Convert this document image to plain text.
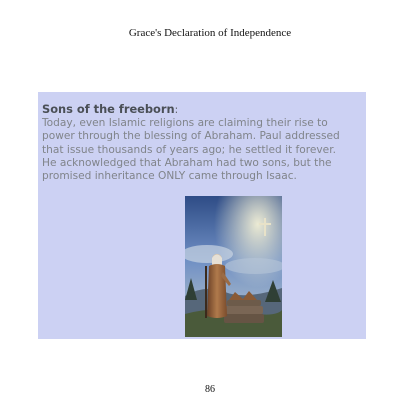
Grace's Declaration of Independence
Sons of the freeborn:
Today, even Islamic religions are claiming their rise to
power through the blessing of Abraham. Paul addressed
that issue thousands of years ago; he settled it forever.
He acknowledged that Abraham had two sons, but the
promised inheritance ONLY came through Isaac.
86
